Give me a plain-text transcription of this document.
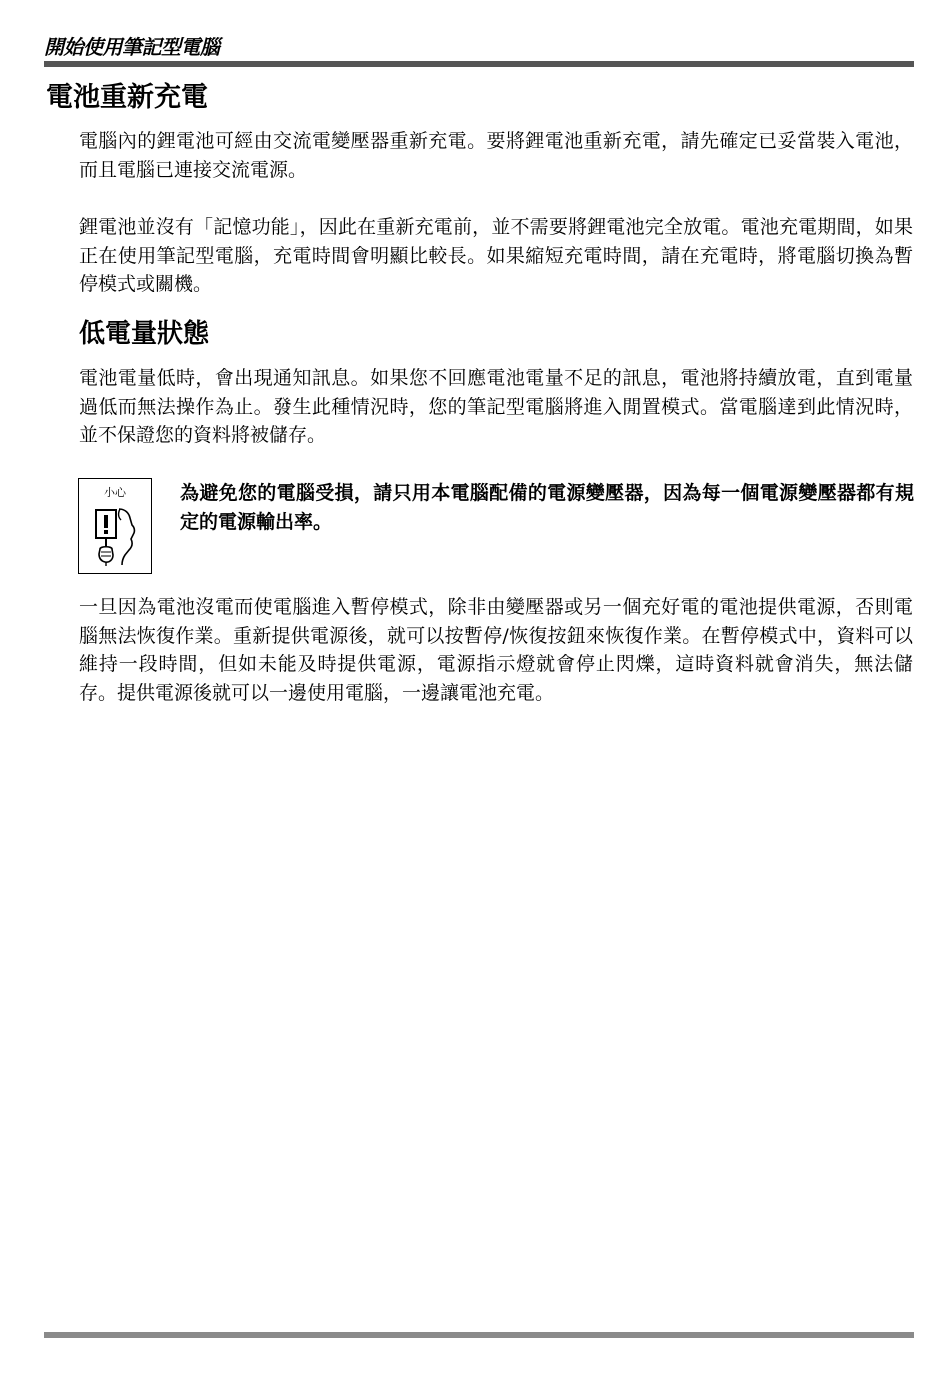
開始使用筆記型電腦
電池重新充電

電腦內的鋰電池可經由交流電變壓器重新充電。要將鋰電池重新充電，請先確定已妥當裝入電池，而且電腦已連接交流電源。

鋰電池並沒有「記憶功能」，因此在重新充電前，並不需要將鋰電池完全放電。電池充電期間，如果正在使用筆記型電腦，充電時間會明顯比較長。如果縮短充電時間，請在充電時，將電腦切換為暫停模式或關機。

低電量狀態

電池電量低時，會出現通知訊息。如果您不回應電池電量不足的訊息，電池將持續放電，直到電量過低而無法操作為止。發生此種情況時，您的筆記型電腦將進入閒置模式。當電腦達到此情況時，並不保證您的資料將被儲存。

小心	為避免您的電腦受損，請只用本電腦配備的電源變壓器，因為每一個電源變壓器都有規定的電源輸出率。

一旦因為電池沒電而使電腦進入暫停模式，除非由變壓器或另一個充好電的電池提供電源，否則電腦無法恢復作業。重新提供電源後，就可以按暫停/恢復按鈕來恢復作業。在暫停模式中，資料可以維持一段時間，但如未能及時提供電源，電源指示燈就會停止閃爍，這時資料就會消失，無法儲存。提供電源後就可以一邊使用電腦，一邊讓電池充電。
